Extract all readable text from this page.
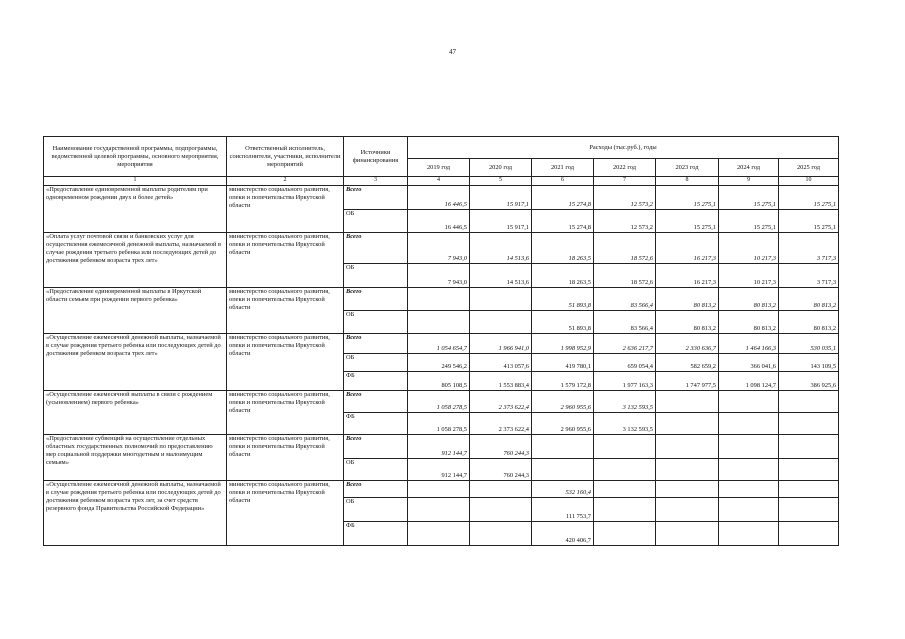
47
Наименование государственной программы, подпрограммы, ведомственной целевой программы, основного мероприятия, мероприятия	Ответственный исполнитель, соисполнители, участники, исполнители мероприятий	Источники финансирования	Расходы (тыс.руб.), годы						
			2019 год	2020 год	2021 год	2022 год	2023 год	2024 год	2025 год
1	2	3	4	5	6	7	8	9	10
«Предоставление единовременной выплаты родителям при одновременном рождении двух и более детей»	министерство социального развития, опеки и попечительства Иркутской области	Всего	16 446,5	15 917,1	15 274,8	12 573,2	15 275,1	15 275,1	15 275,1
		ОБ	16 446,5	15 917,1	15 274,8	12 573,2	15 275,1	15 275,1	15 275,1
«Оплата услуг почтовой связи и банковских услуг для осуществления ежемесячной денежной выплаты, назначаемой в случае рождения третьего ребенка или последующих детей до достижения ребенком возраста трех лет»	министерство социального развития, опеки и попечительства Иркутской области	Всего	7 943,0	14 513,6	18 263,5	18 572,6	16 217,3	10 217,3	3 717,3
		ОБ	7 943,0	14 513,6	18 263,5	18 572,6	16 217,3	10 217,3	3 717,3
«Предоставление единовременной выплаты в Иркутской области семьям при рождении первого ребенка»	министерство социального развития, опеки и попечительства Иркутской области	Всего			51 893,8	83 566,4	80 813,2	80 813,2	80 813,2
		ОБ			51 893,8	83 566,4	80 813,2	80 813,2	80 813,2
«Осуществление ежемесячной денежной выплаты, назначаемой в случае рождения третьего ребенка или последующих детей до достижения ребенком возраста трех лет»	министерство социального развития, опеки и попечительства Иркутской области	Всего	1 054 654,7	1 966 941,0	1 998 952,9	2 636 217,7	2 330 636,7	1 464 166,3	530 035,1
		ОБ	249 546,2	413 057,6	419 780,1	659 054,4	582 659,2	366 041,6	143 109,5
		ФБ	805 108,5	1 553 883,4	1 579 172,8	1 977 163,3	1 747 977,5	1 098 124,7	386 925,6
«Осуществление ежемесячной выплаты в связи с рождением (усыновлением) первого ребенка»	министерство социального развития, опеки и попечительства Иркутской области	Всего	1 058 278,5	2 373 622,4	2 960 955,6	3 132 593,5			
		ФБ	1 058 278,5	2 373 622,4	2 960 955,6	3 132 593,5			
«Предоставление субвенций на осуществление отдельных областных государственных полномочий по предоставлению мер социальной поддержки многодетным и малоимущим семьям»	министерство социального развития, опеки и попечительства Иркутской области	Всего	912 144,7	760 244,3					
		ОБ	912 144,7	760 244,3					
«Осуществление ежемесячной денежной выплаты, назначаемой в случае рождения третьего ребенка или последующих детей до достижения ребенком возраста трех лет, за счет средств резервного фонда Правительства Российской Федерации»	министерство социального развития, опеки и попечительства Иркутской области	Всего			532 160,4				
		ОБ			111 753,7				
		ФБ			420 406,7				
